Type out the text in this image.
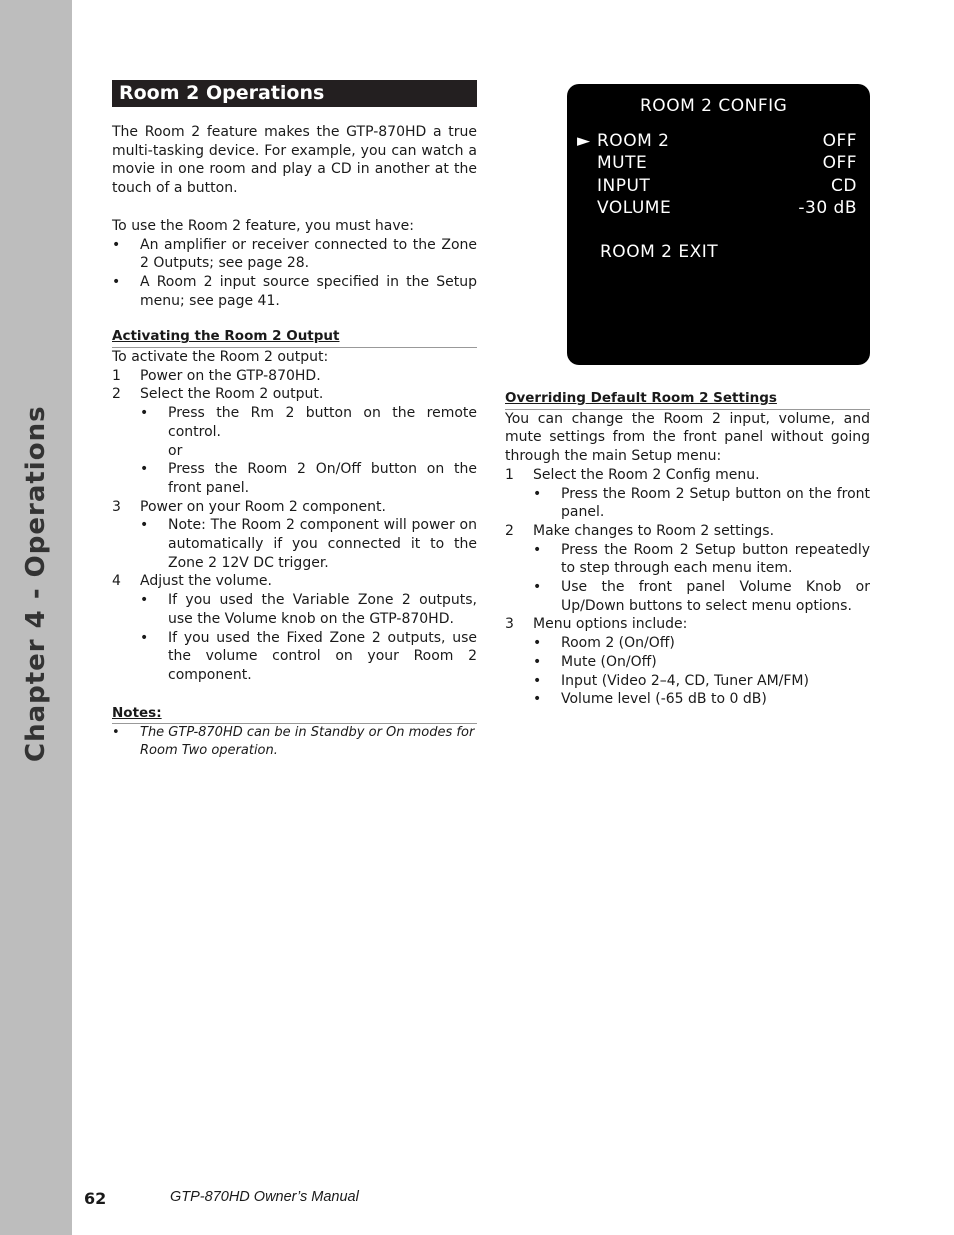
Chapter 4 - Operations
Room 2 Operations

The Room 2 feature makes the GTP-870HD a true multi-tasking device. For example, you can watch a movie in one room and play a CD in another at the touch of a button.

To use the Room 2 feature, you must have:

•	An amplifier or receiver connected to the Zone 2 Outputs; see page 28.
•	A Room 2 input source specified in the Setup menu; see page 41.
Activating the Room 2 Output

To activate the Room 2 output:

1	Power on the GTP-870HD.
2	Select the Room 2 output.
•	Press the Rm 2 button on the remote control.
or
•	Press the Room 2 On/Off button on the front panel.
3	Power on your Room 2 component.
•	Note: The Room 2 component will power on automatically if you connected it to the Zone 2 12V DC trigger.
4	Adjust the volume.
•	If you used the Variable Zone 2 outputs, use the Volume knob on the GTP-870HD.
•	If you used the Fixed Zone 2 outputs, use the volume control on your Room 2 component.
Notes:
•	The GTP-870HD can be in Standby or On modes for Room Two operation.
ROOM 2 CONFIG
► ROOM 2	OFF
MUTE	OFF
INPUT	CD
VOLUME	-30 dB
ROOM 2 EXIT
Overriding Default Room 2 Settings

You can change the Room 2 input, volume, and mute settings from the front panel without going through the main Setup menu:

1	Select the Room 2 Config menu.
•	Press the Room 2 Setup button on the front panel.
2	Make changes to Room 2 settings.
•	Press the Room 2 Setup button repeatedly to step through each menu item.
•	Use the front panel Volume Knob or Up/Down buttons to select menu options.
3	Menu options include:
•	Room 2 (On/Off)
•	Mute (On/Off)
•	Input (Video 2–4, CD, Tuner AM/FM)
•	Volume level (-65 dB to 0 dB)
62	GTP-870HD Owner’s Manual
